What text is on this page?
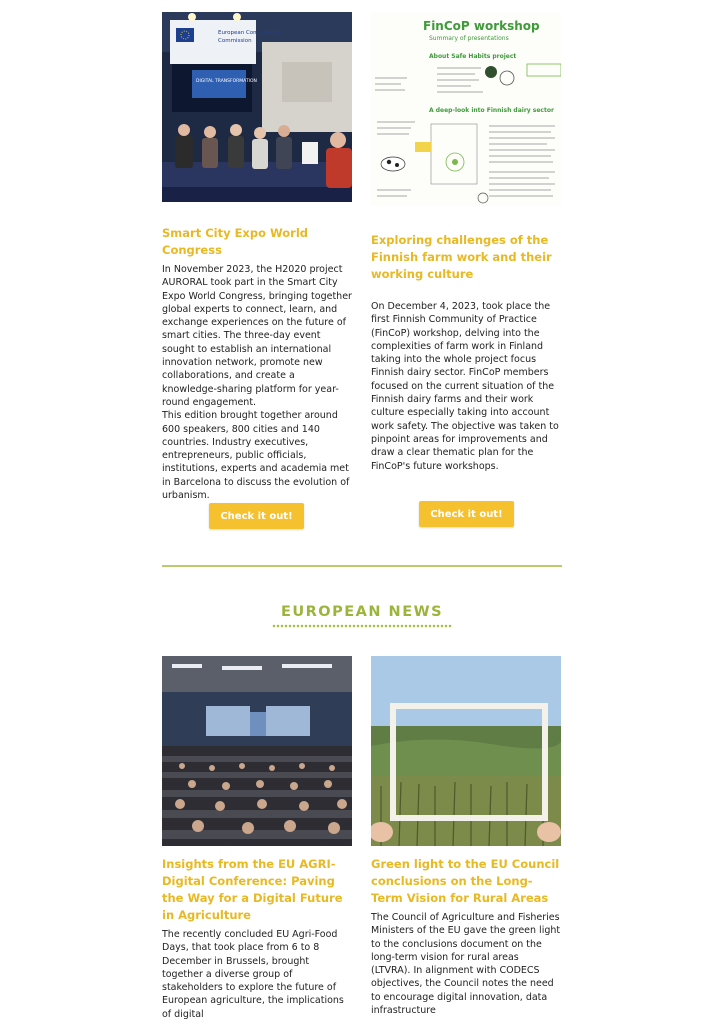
European Commission
Commission
DIGITAL TRANSFORMATION
FinCoP workshop
Summary of presentations
About Safe Habits project
A deep-look into Finnish dairy sector
Smart City Expo World Congress

In November 2023, the H2020 project AURORAL took part in the Smart City Expo World Congress, bringing together global experts to connect, learn, and exchange experiences on the future of smart cities. The three-day event sought to establish an international innovation network, promote new collaborations, and create a knowledge-sharing platform for year-round engagement.

This edition brought together around 600 speakers, 800 cities and 140 countries. Industry executives, entrepreneurs, public officials, institutions, experts and academia met in Barcelona to discuss the evolution of urbanism.

Check it out!
Exploring challenges of the Finnish farm work and their working culture

On December 4, 2023, took place the first Finnish Community of Practice (FinCoP) workshop, delving into the complexities of farm work in Finland taking into the whole project focus Finnish dairy sector. FinCoP members focused on the current situation of the Finnish dairy farms and their work culture especially taking into account work safety. The objective was taken to pinpoint areas for improvements and draw a clear thematic plan for the FinCoP's future workshops.

Check it out!
EUROPEAN NEWS
Insights from the EU AGRI-Digital Conference: Paving the Way for a Digital Future in Agriculture

The recently concluded EU Agri-Food Days, that took place from 6 to 8 December in Brussels, brought together a diverse group of stakeholders to explore the future of European agriculture, the implications of digital

Green light to the EU Council conclusions on the Long-Term Vision for Rural Areas

The Council of Agriculture and Fisheries Ministers of the EU gave the green light to the conclusions document on the long-term vision for rural areas (LTVRA). In alignment with CODECS objectives, the Council notes the need to encourage digital innovation, data infrastructure
